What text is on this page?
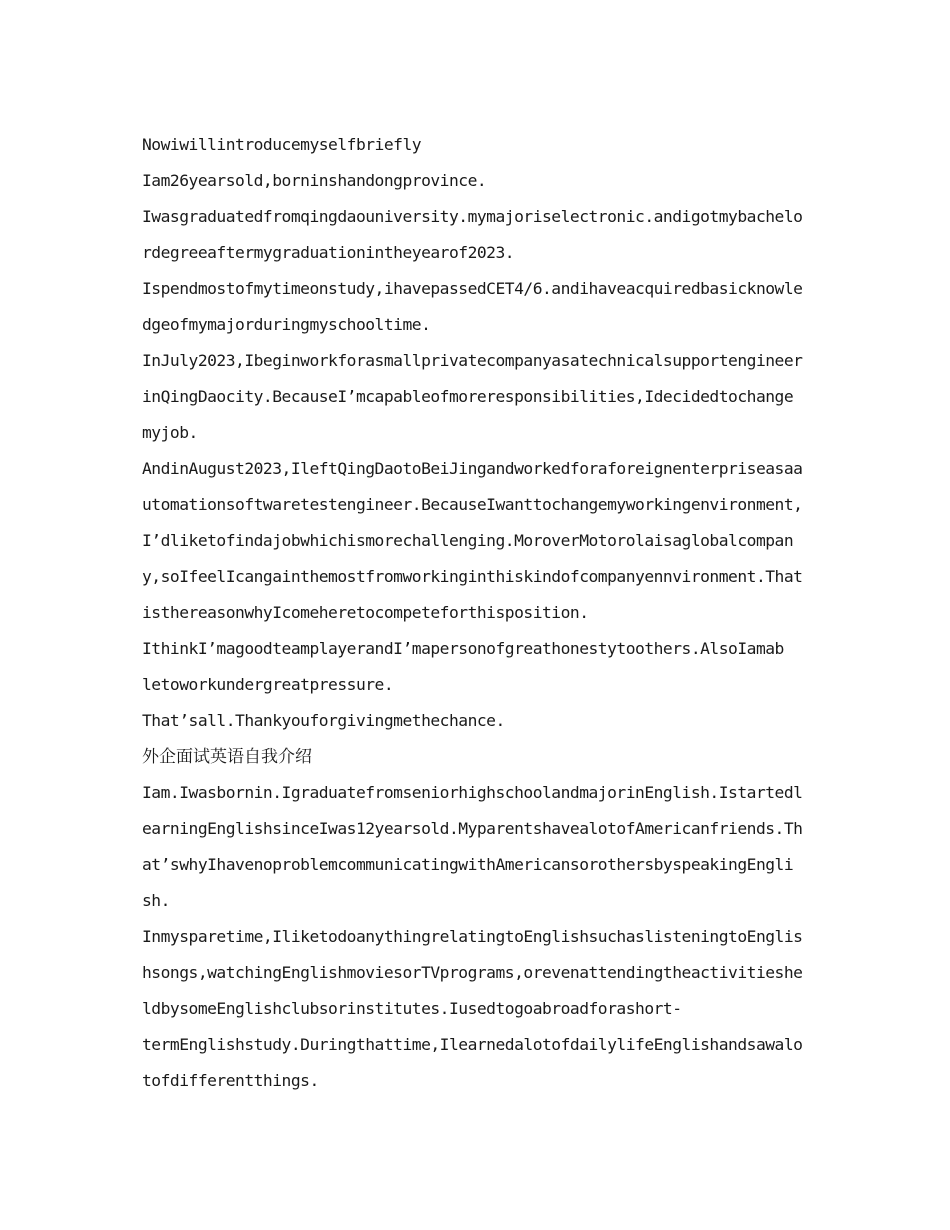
Nowiwillintroducemyselfbriefly
Iam26yearsold,borninshandongprovince.
Iwasgraduatedfromqingdaouniversity.mymajoriselectronic.andigotmybachelo
rdegreeaftermygraduationintheyearof2023.
Ispendmostofmytimeonstudy,ihavepassedCET4/6.andihaveacquiredbasicknowle
dgeofmymajorduringmyschooltime.
InJuly2023,Ibeginworkforasmallprivatecompanyasatechnicalsupportengineer
inQingDaocity.BecauseI’mcapableofmoreresponsibilities,Idecidedtochange
myjob.
AndinAugust2023,IleftQingDaotoBeiJingandworkedforaforeignenterpriseasaa
utomationsoftwaretestengineer.BecauseIwanttochangemyworkingenvironment,
I’dliketofindajobwhichismorechallenging.MoroverMotorolaisaglobalcompan
y,soIfeelIcangainthemostfromworkinginthiskindofcompanyennvironment.That
isthereasonwhyIcomeheretocompeteforthisposition.
IthinkI’magoodteamplayerandI’mapersonofgreathonestytoothers.AlsoIamab
letoworkundergreatpressure.
That’sall.Thankyouforgivingmethechance.
外企面试英语自我介绍
Iam.Iwasbornin.IgraduatefromseniorhighschoolandmajorinEnglish.Istartedl
earningEnglishsinceIwas12yearsold.MyparentshavealotofAmericanfriends.Th
at’swhyIhavenoproblemcommunicatingwithAmericansorothersbyspeakingEngli
sh.
Inmysparetime,IliketodoanythingrelatingtoEnglishsuchaslisteningtoEnglis
hsongs,watchingEnglishmoviesorTVprograms,orevenattendingtheactivitieshe
ldbysomeEnglishclubsorinstitutes.Iusedtogoabroadforashort-
termEnglishstudy.Duringthattime,IlearnedalotofdailylifeEnglishandsawalo
tofdifferentthings.
